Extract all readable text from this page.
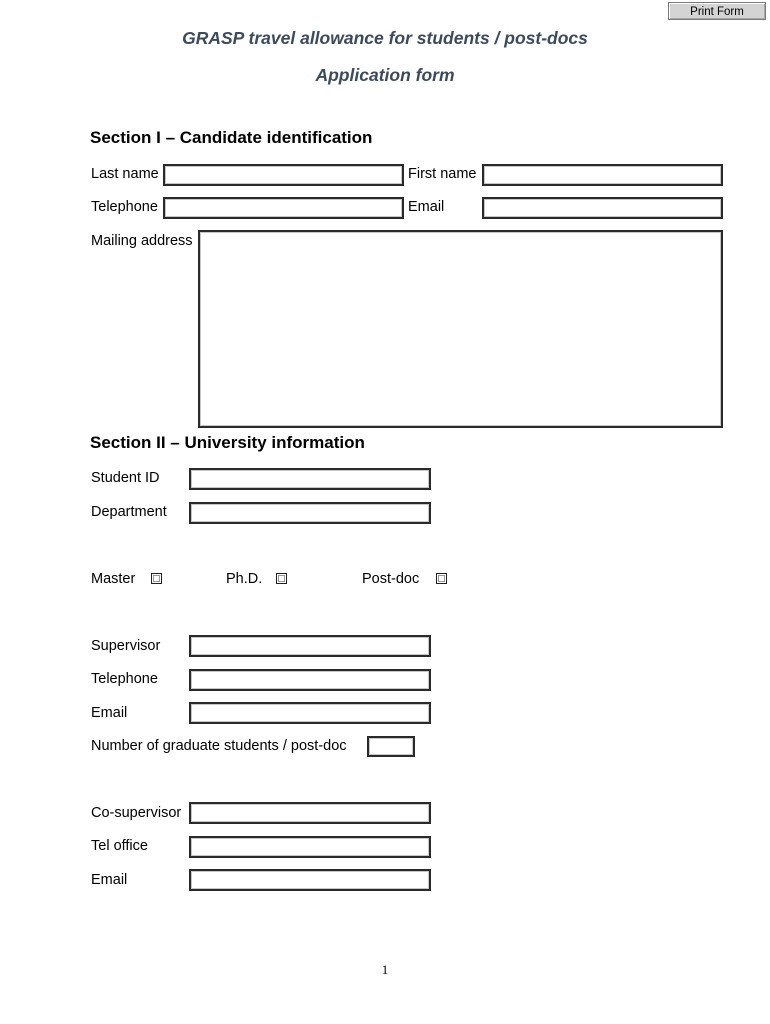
Print Form
GRASP travel allowance for students / post-docs
Application form
Section I – Candidate identification
Last name	First name
Telephone	Email
Mailing address
Section II – University information
Student ID
Department
Master	Ph.D.	Post-doc
Supervisor
Telephone
Email
Number of graduate students / post-doc
Co-supervisor
Tel office
Email
1
